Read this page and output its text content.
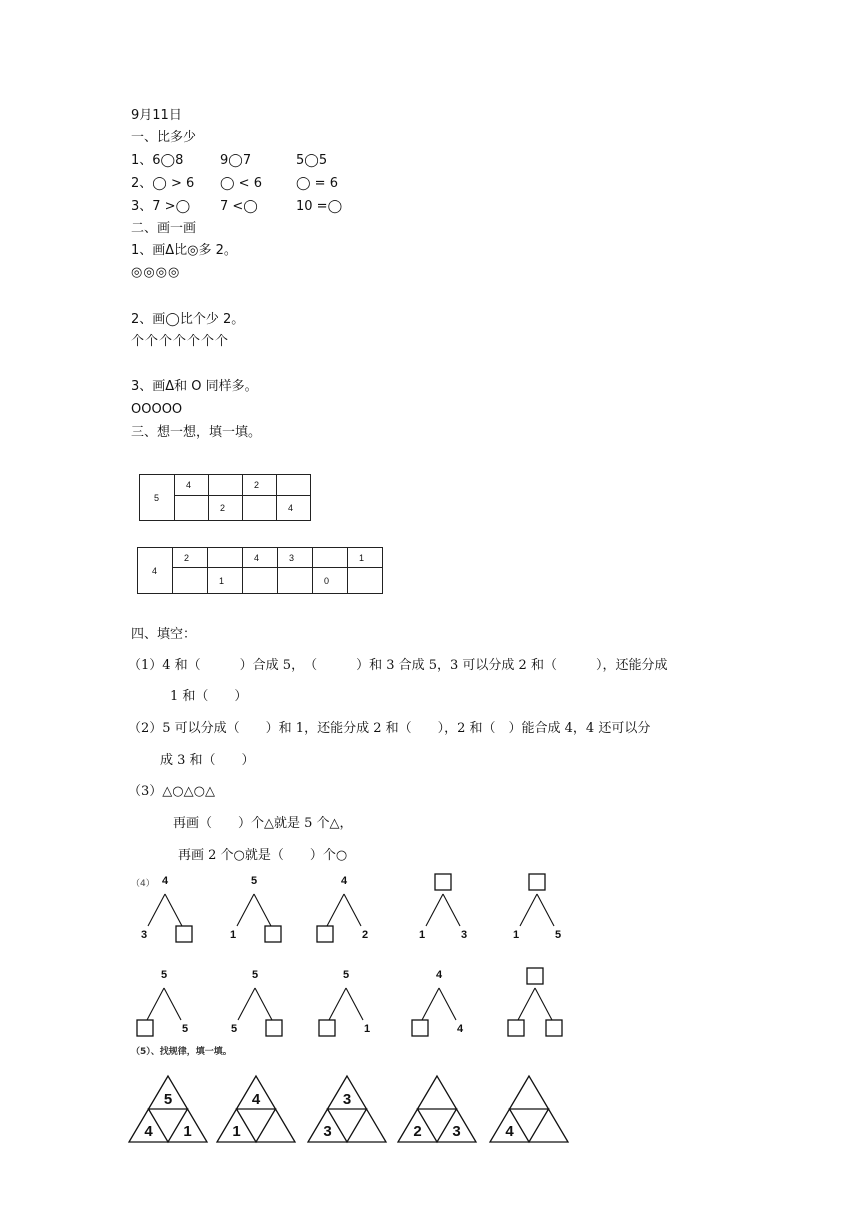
9月11日
一、比多少
1、6◯8	9◯7	5◯5
2、◯ > 6 ◯ < 6	◯ = 6
3、7 >◯ 7 <◯	10 =◯
二、画一画
1、画Δ比◎多 2。
◎◎◎◎
2、画◯比个少 2。
个个个个个个个
3、画Δ和 O 同样多。
OOOOO
三、想一想，填一填。
5	4		2	
		2		4
4	2		4	3		1
		1			0	
四、填空：
（1）4 和（　　　）合成 5，　（　　　）和 3 合成 5，3 可以分成 2 和（　　　），还能分成
1 和（　　）
（2）5 可以分成（　　）和 1，还能分成 2 和（　　），2 和（　）能合成 4，4 还可以分
成 3 和（　　）
（3）△○△○△
再画（　　）个△就是 5 个△，
再画 2 个○就是（　　）个○
（4）
（5）、找规律，填一填。
4
3
5
1
4
2	1	3	1	5
5
5
5
5
5
1
4
4
5
4 1
4
1
3
3	2 3	4
